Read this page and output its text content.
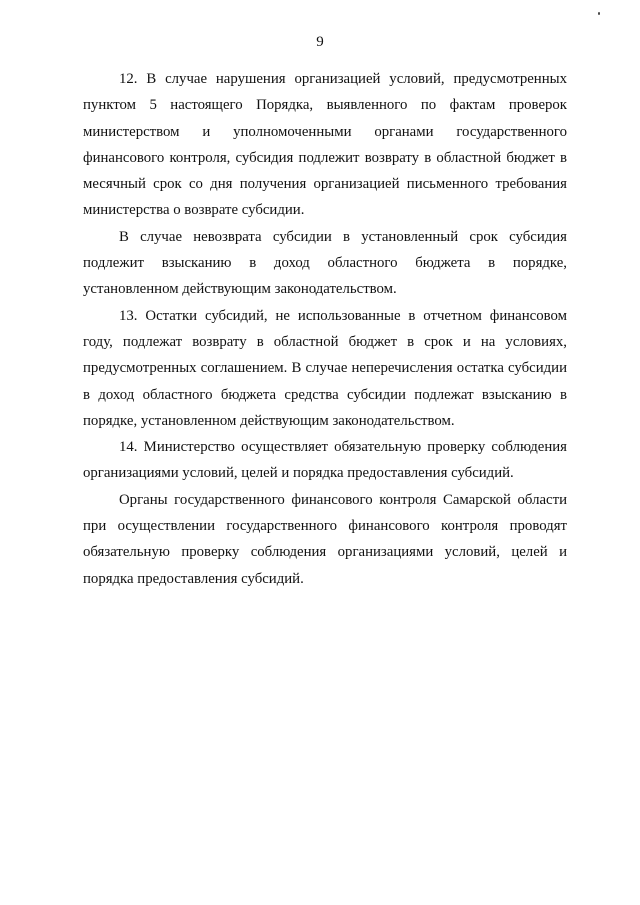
9

12. В случае нарушения организацией условий, предусмотренных пунктом 5 настоящего Порядка, выявленного по фактам проверок министерством и уполномоченными органами государственного финансового контроля, субсидия подлежит возврату в областной бюджет в месячный срок со дня получения организацией письменного требования министерства о возврате субсидии.

В случае невозврата субсидии в установленный срок субсидия подлежит взысканию в доход областного бюджета в порядке, установленном действующим законодательством.

13. Остатки субсидий, не использованные в отчетном финансовом году, подлежат возврату в областной бюджет в срок и на условиях, предусмотренных соглашением. В случае неперечисления остатка субсидии в доход областного бюджета средства субсидии подлежат взысканию в порядке, установленном действующим законодательством.

14. Министерство осуществляет обязательную проверку соблюдения организациями условий, целей и порядка предоставления субсидий.

Органы государственного финансового контроля Самарской области при осуществлении государственного финансового контроля проводят обязательную проверку соблюдения организациями условий, целей и порядка предоставления субсидий.
